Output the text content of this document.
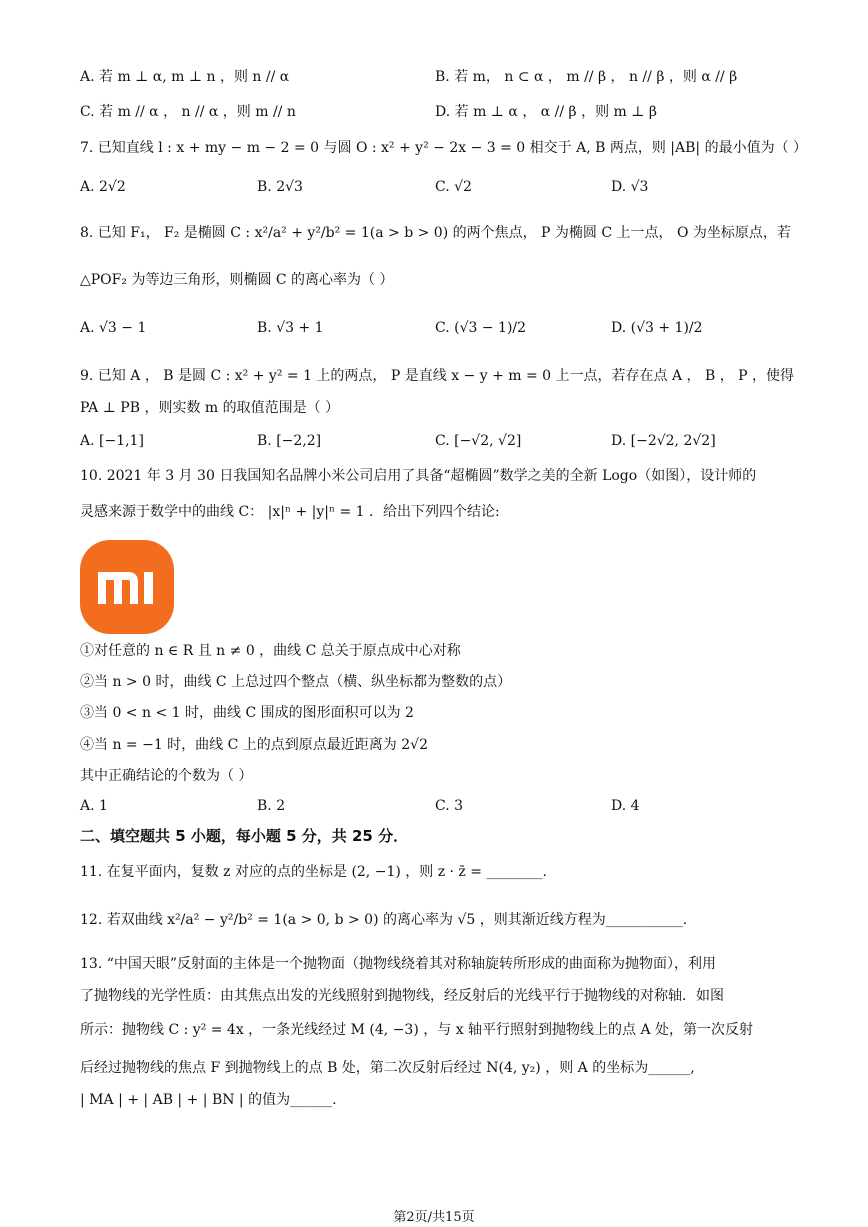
A. 若 m ⊥ α, m ⊥ n ，则 n // α	B. 若 m， n ⊂ α ， m // β ， n // β ，则 α // β
C. 若 m // α ， n // α ，则 m // n	D. 若 m ⊥ α ， α // β ，则 m ⊥ β
7. 已知直线 l : x + my − m − 2 = 0 与圆 O : x² + y² − 2x − 3 = 0 相交于 A, B 两点，则 |AB| 的最小值为（ ）
A. 2√2	B. 2√3	C. √2	D. √3
8. 已知 F₁， F₂ 是椭圆 C : x²/a² + y²/b² = 1(a > b > 0) 的两个焦点， P 为椭圆 C 上一点， O 为坐标原点，若
△POF₂ 为等边三角形，则椭圆 C 的离心率为（ ）
A. √3 − 1	B. √3 + 1	C. (√3 − 1)/2	D. (√3 + 1)/2
9. 已知 A ， B 是圆 C : x² + y² = 1 上的两点， P 是直线 x − y + m = 0 上一点，若存在点 A ， B ， P ，使得
PA ⊥ PB ，则实数 m 的取值范围是（ ）
A. [−1,1]	B. [−2,2]	C. [−√2, √2]	D. [−2√2, 2√2]
10. 2021 年 3 月 30 日我国知名品牌小米公司启用了具备“超椭圆”数学之美的全新 Logo（如图），设计师的
灵感来源于数学中的曲线 C： |x|ⁿ + |y|ⁿ = 1 ．给出下列四个结论:
①对任意的 n ∈ R 且 n ≠ 0 ，曲线 C 总关于原点成中心对称
②当 n > 0 时，曲线 C 上总过四个整点（横、纵坐标都为整数的点）
③当 0 < n < 1 时，曲线 C 围成的图形面积可以为 2
④当 n = −1 时，曲线 C 上的点到原点最近距离为 2√2
其中正确结论的个数为（ ）
A. 1	B. 2	C. 3	D. 4
二、填空题共 5 小题，每小题 5 分，共 25 分．
11. 在复平面内，复数 z 对应的点的坐标是 (2, −1) ，则 z · z̄ = ________.
12. 若双曲线 x²/a² − y²/b² = 1(a > 0, b > 0) 的离心率为 √5 ，则其渐近线方程为___________.
13. “中国天眼”反射面的主体是一个抛物面（抛物线绕着其对称轴旋转所形成的曲面称为抛物面），利用
了抛物线的光学性质：由其焦点出发的光线照射到抛物线，经反射后的光线平行于抛物线的对称轴．如图
所示：抛物线 C : y² = 4x ，一条光线经过 M (4, −3) ，与 x 轴平行照射到抛物线上的点 A 处，第一次反射
后经过抛物线的焦点 F 到抛物线上的点 B 处，第二次反射后经过 N(4, y₂) ，则 A 的坐标为______,
| MA | + | AB | + | BN | 的值为______.
第2页/共15页
